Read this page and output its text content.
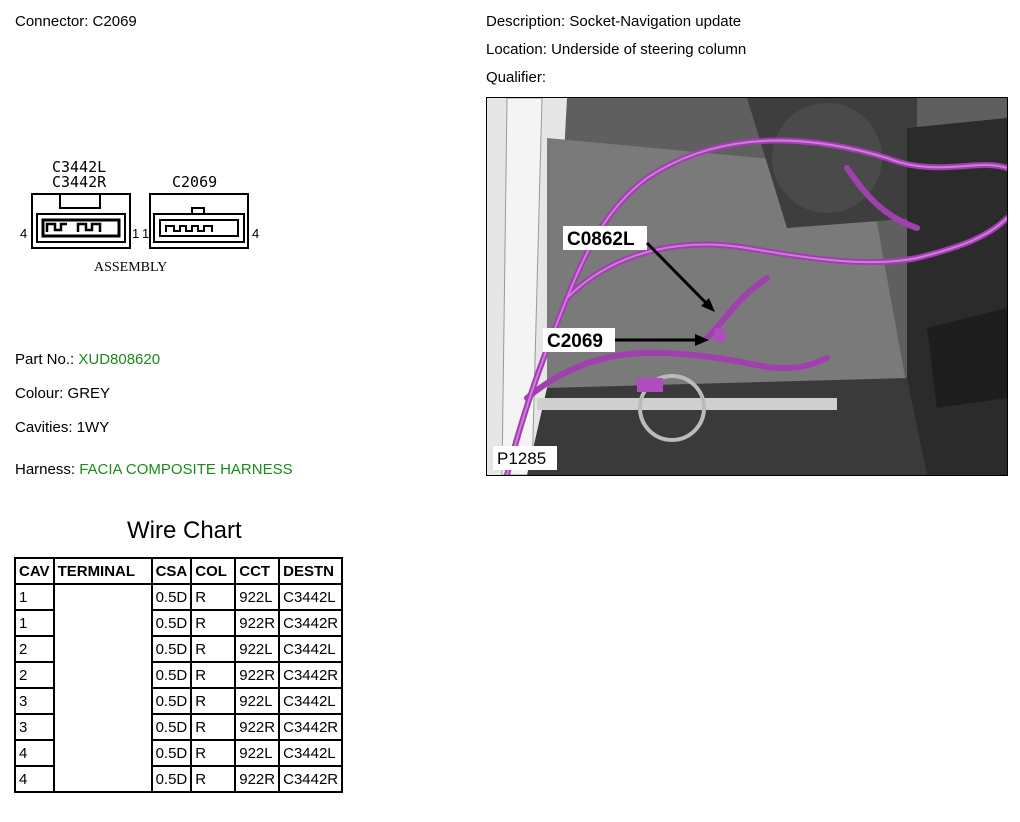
Connector: C2069	Description: Socket-Navigation update
Location: Underside of steering column
Qualifier:
C3442L
C3442R	C2069
4	1 1	4
ASSEMBLY
Part No.: XUD808620
Colour: GREY
Cavities: 1WY
Harness: FACIA COMPOSITE HARNESS
C0862L
C2069
P1285
Wire Chart
CAV	TERMINAL	CSA	COL	CCT	DESTN
1		0.5D	R	922L	C3442L
1		0.5D	R	922R	C3442R
2		0.5D	R	922L	C3442L
2		0.5D	R	922R	C3442R
3		0.5D	R	922L	C3442L
3		0.5D	R	922R	C3442R
4		0.5D	R	922L	C3442L
4		0.5D	R	922R	C3442R
